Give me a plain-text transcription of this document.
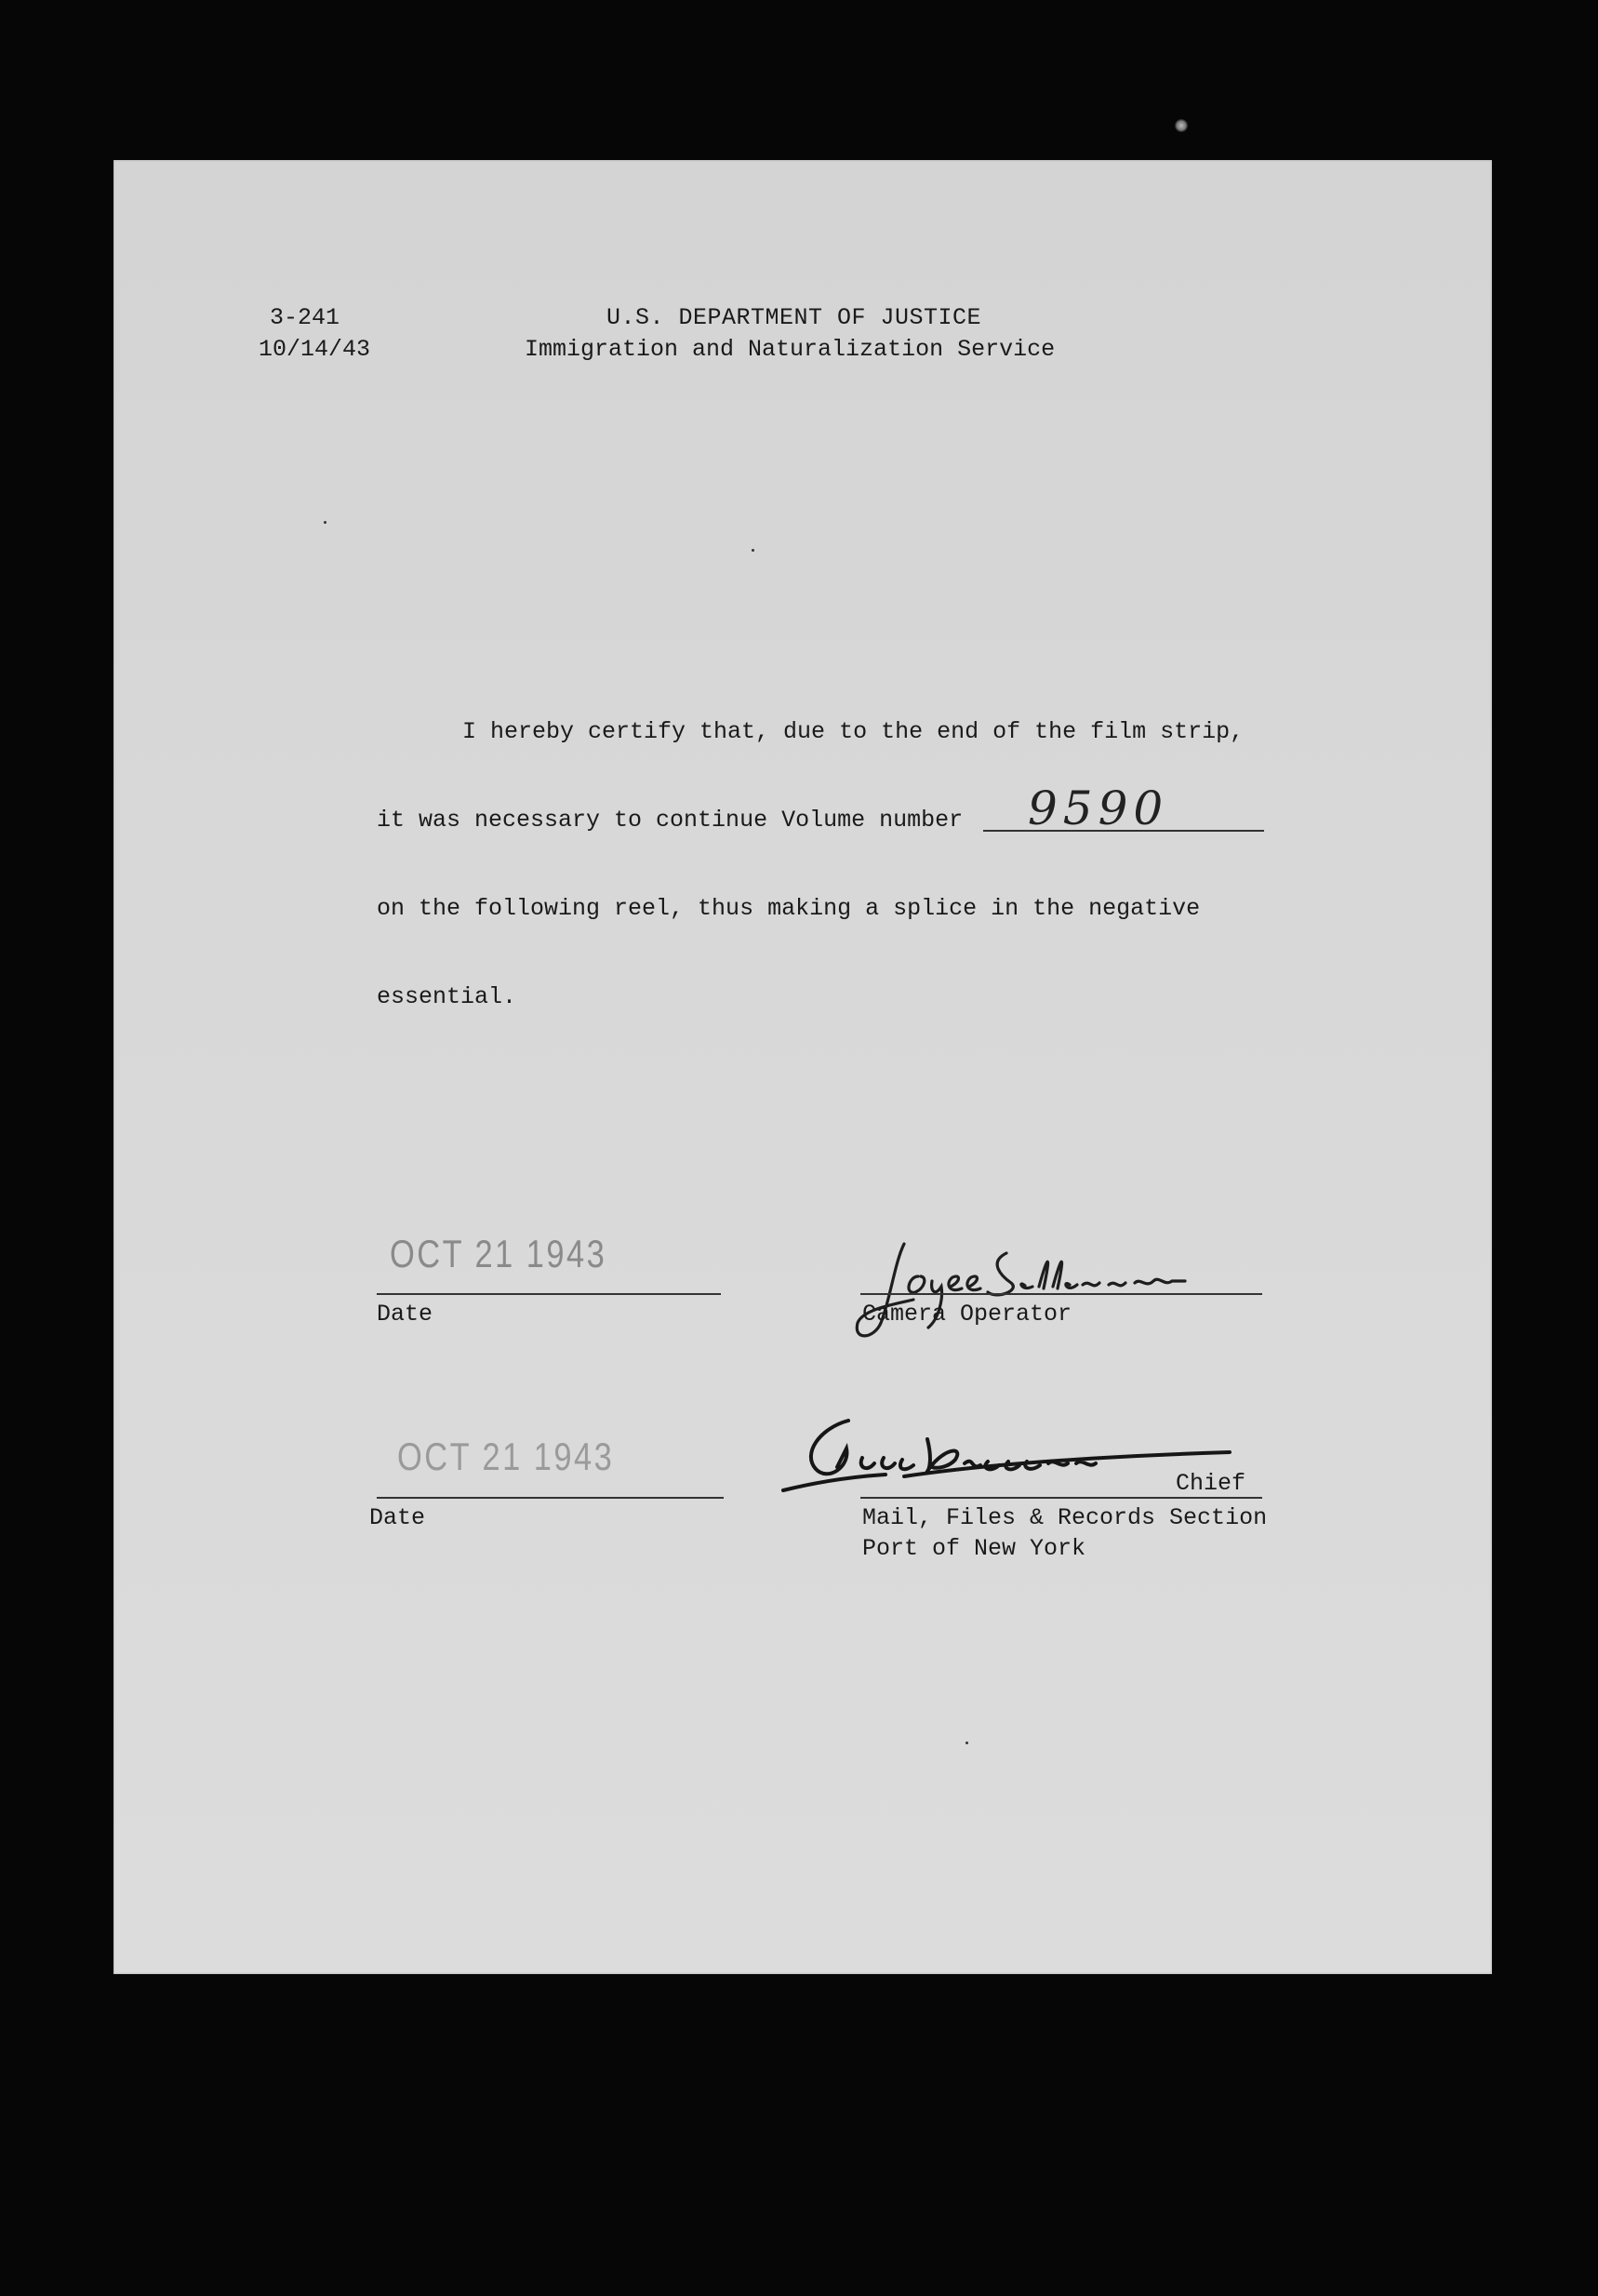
3-241
10/14/43
U.S. DEPARTMENT OF JUSTICE
Immigration and Naturalization Service
I hereby certify that, due to the end of the film strip,
it was necessary to continue Volume number 9590
on the following reel, thus making a splice in the negative
essential.
OCT 21 1943
Date	Camera Operator
OCT 21 1943
Date
Chief
Mail, Files & Records Section
Port of New York
